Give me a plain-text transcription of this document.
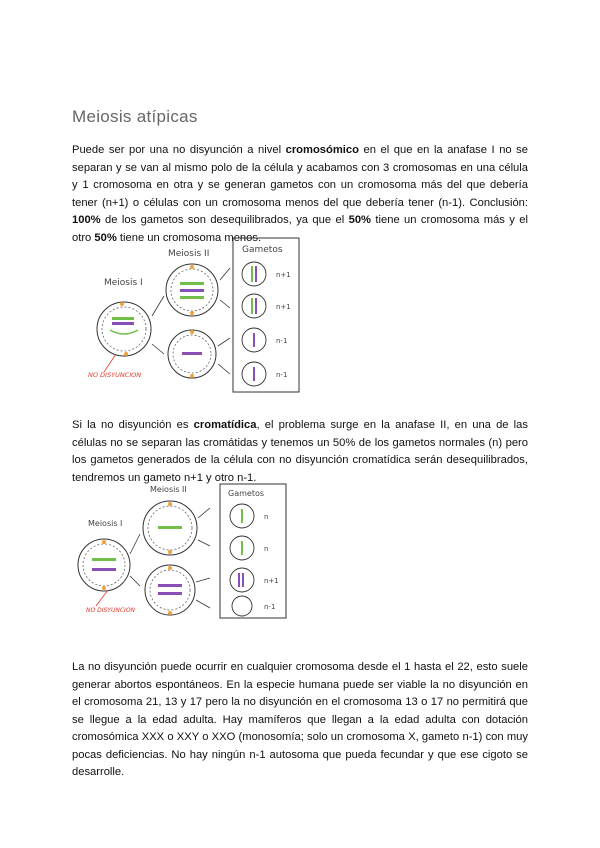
Meiosis atípicas

Puede ser por una no disyunción a nivel cromosómico en el que en la anafase I no se separan y se van al mismo polo de la célula y acabamos con 3 cromosomas en una célula y 1 cromosoma en otra y se generan gametos con un cromosoma más del que debería tener (n+1) o células con un cromosoma menos del que debería tener (n-1). Conclusión: 100% de los gametos son desequilibrados, ya que el 50% tiene un cromosoma más y el otro 50% tiene un cromosoma menos.

Meiosis I
Meiosis II
NO DISYUNCION
Gametos
n+1
n+1
n-1
n-1

Si la no disyunción es cromatídica, el problema surge en la anafase II, en una de las células no se separan las cromátidas y tenemos un 50% de los gametos normales (n) pero los gametos generados de la célula con no disyunción cromatídica serán desequilibrados, tendremos un gameto n+1 y otro n-1.

Meiosis I
Meiosis II
NO DISYUNCION
Gametos
n
n
n+1
n-1

La no disyunción puede ocurrir en cualquier cromosoma desde el 1 hasta el 22, esto suele generar abortos espontáneos. En la especie humana puede ser viable la no disyunción en el cromosoma 21, 13 y 17 pero la no disyunción en el cromosoma 13 o 17 no permitirá que se llegue a la edad adulta. Hay mamíferos que llegan a la edad adulta con dotación cromosómica XXX o XXY o XXO (monosomía; solo un cromosoma X, gameto n-1) con muy pocas deficiencias. No hay ningún n-1 autosoma que pueda fecundar y que ese cigoto se desarrolle.
